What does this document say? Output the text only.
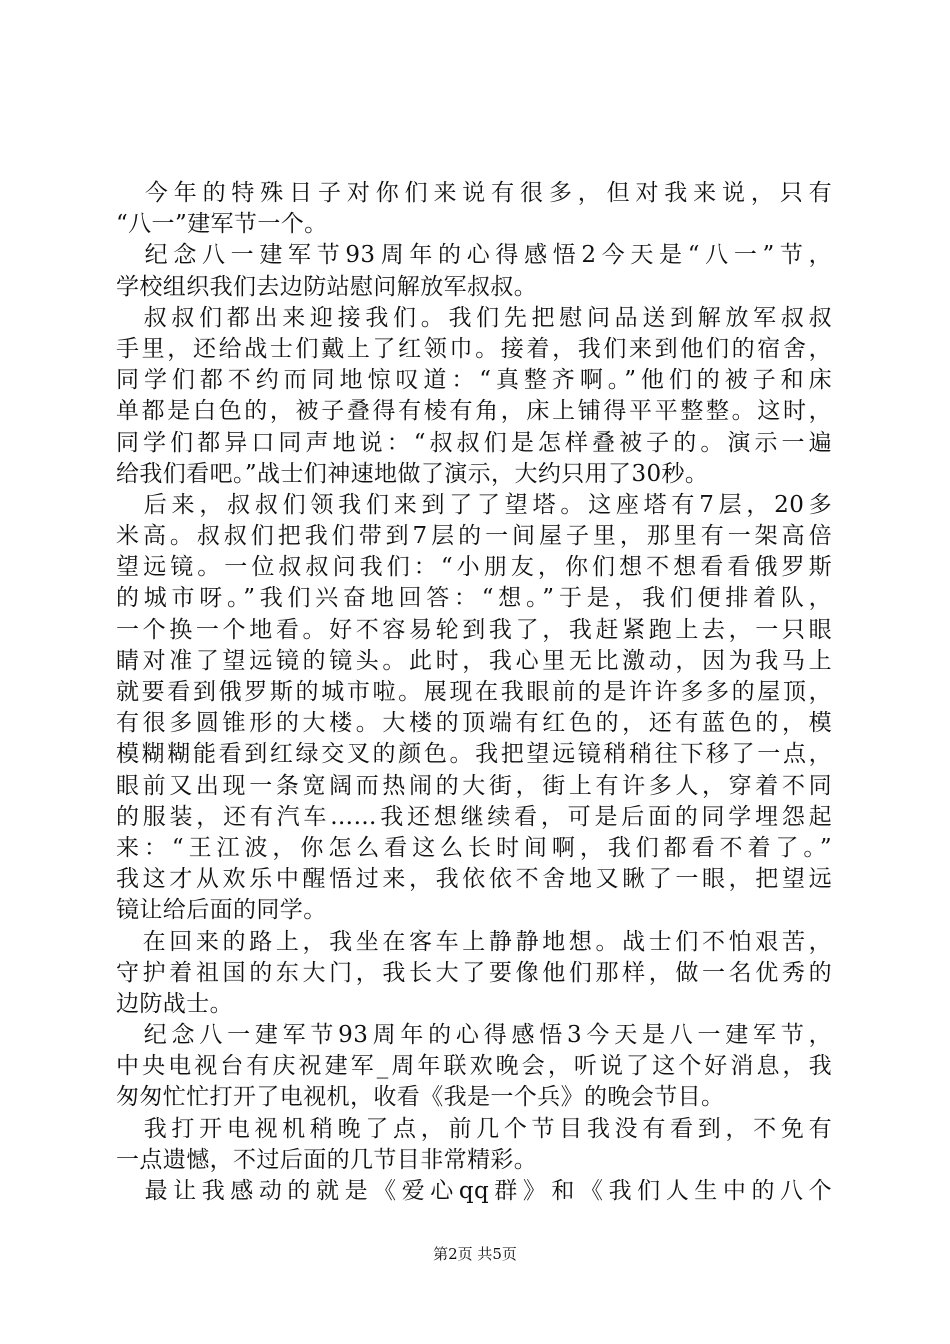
　今年的特殊日子对你们来说有很多，但对我来说，只有
“八一”建军节一个。
　纪念八一建军节93周年的心得感悟2今天是“八一”节，
学校组织我们去边防站慰问解放军叔叔。
　叔叔们都出来迎接我们。我们先把慰问品送到解放军叔叔
手里，还给战士们戴上了红领巾。接着，我们来到他们的宿舍，
同学们都不约而同地惊叹道：“真整齐啊。”他们的被子和床
单都是白色的，被子叠得有棱有角，床上铺得平平整整。这时，
同学们都异口同声地说：“叔叔们是怎样叠被子的。演示一遍
给我们看吧。”战士们神速地做了演示，大约只用了30秒。
　后来，叔叔们领我们来到了了望塔。这座塔有7层，20多
米高。叔叔们把我们带到7层的一间屋子里，那里有一架高倍
望远镜。一位叔叔问我们：“小朋友，你们想不想看看俄罗斯
的城市呀。”我们兴奋地回答：“想。”于是，我们便排着队，
一个换一个地看。好不容易轮到我了，我赶紧跑上去，一只眼
睛对准了望远镜的镜头。此时，我心里无比激动，因为我马上
就要看到俄罗斯的城市啦。展现在我眼前的是许许多多的屋顶，
有很多圆锥形的大楼。大楼的顶端有红色的，还有蓝色的，模
模糊糊能看到红绿交叉的颜色。我把望远镜稍稍往下移了一点，
眼前又出现一条宽阔而热闹的大街，街上有许多人，穿着不同
的服装，还有汽车……我还想继续看，可是后面的同学埋怨起
来：“王江波，你怎么看这么长时间啊，我们都看不着了。”
我这才从欢乐中醒悟过来，我依依不舍地又瞅了一眼，把望远
镜让给后面的同学。
　在回来的路上，我坐在客车上静静地想。战士们不怕艰苦，
守护着祖国的东大门，我长大了要像他们那样，做一名优秀的
边防战士。
　纪念八一建军节93周年的心得感悟3今天是八一建军节，
中央电视台有庆祝建军_周年联欢晚会，听说了这个好消息，我
匆匆忙忙打开了电视机，收看《我是一个兵》的晚会节目。
　我打开电视机稍晚了点，前几个节目我没有看到，不免有
一点遗憾，不过后面的几节目非常精彩。
　最让我感动的就是《爱心qq群》和《我们人生中的八个
第2页 共5页
